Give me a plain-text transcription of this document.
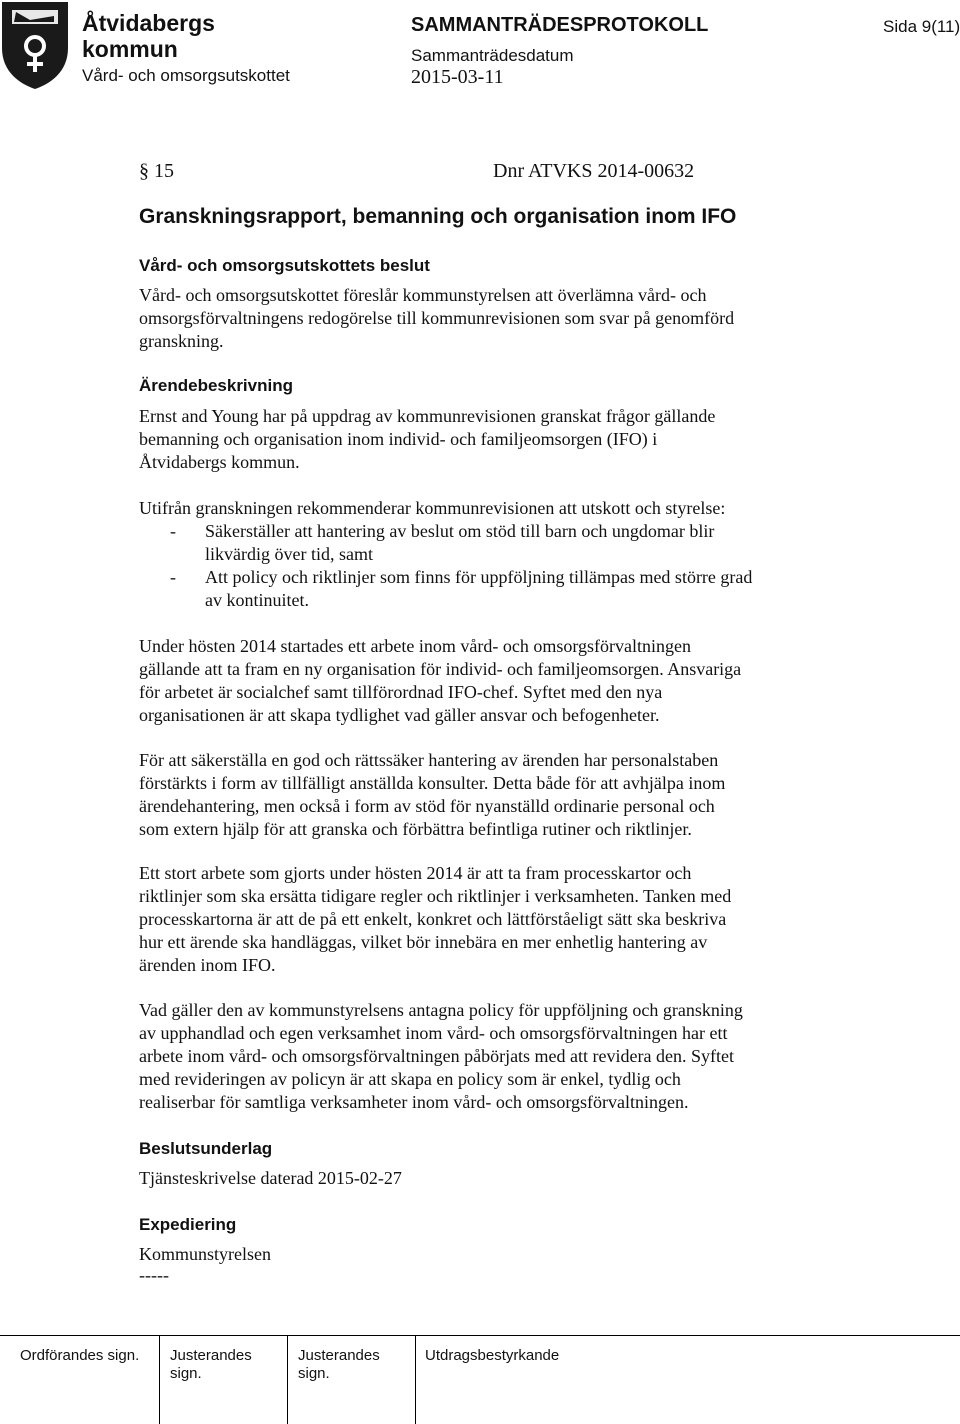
Åtvidabergs
kommun
Vård- och omsorgsutskottet
SAMMANTRÄDESPROTOKOLL
Sammanträdesdatum
2015-03-11
Sida 9(11)
§ 15	Dnr ATVKS 2014-00632
Granskningsrapport, bemanning och organisation inom IFO
Vård- och omsorgsutskottets beslut
Vård- och omsorgsutskottet föreslår kommunstyrelsen att överlämna vård- och
omsorgsförvaltningens redogörelse till kommunrevisionen som svar på genomförd
granskning.
Ärendebeskrivning
Ernst and Young har på uppdrag av kommunrevisionen granskat frågor gällande
bemanning och organisation inom individ- och familjeomsorgen (IFO) i
Åtvidabergs kommun.
Utifrån granskningen rekommenderar kommunrevisionen att utskott och styrelse:
- Säkerställer att hantering av beslut om stöd till barn och ungdomar blir
likvärdig över tid, samt
- Att policy och riktlinjer som finns för uppföljning tillämpas med större grad
av kontinuitet.
Under hösten 2014 startades ett arbete inom vård- och omsorgsförvaltningen
gällande att ta fram en ny organisation för individ- och familjeomsorgen. Ansvariga
för arbetet är socialchef samt tillförordnad IFO-chef. Syftet med den nya
organisationen är att skapa tydlighet vad gäller ansvar och befogenheter.
För att säkerställa en god och rättssäker hantering av ärenden har personalstaben
förstärkts i form av tillfälligt anställda konsulter. Detta både för att avhjälpa inom
ärendehantering, men också i form av stöd för nyanställd ordinarie personal och
som extern hjälp för att granska och förbättra befintliga rutiner och riktlinjer.
Ett stort arbete som gjorts under hösten 2014 är att ta fram processkartor och
riktlinjer som ska ersätta tidigare regler och riktlinjer i verksamheten. Tanken med
processkartorna är att de på ett enkelt, konkret och lättförståeligt sätt ska beskriva
hur ett ärende ska handläggas, vilket bör innebära en mer enhetlig hantering av
ärenden inom IFO.
Vad gäller den av kommunstyrelsens antagna policy för uppföljning och granskning
av upphandlad och egen verksamhet inom vård- och omsorgsförvaltningen har ett
arbete inom vård- och omsorgsförvaltningen påbörjats med att revidera den. Syftet
med revideringen av policyn är att skapa en policy som är enkel, tydlig och
realiserbar för samtliga verksamheter inom vård- och omsorgsförvaltningen.
Beslutsunderlag
Tjänsteskrivelse daterad 2015-02-27
Expediering
Kommunstyrelsen
-----
Ordförandes sign. Justerandes
sign.
Justerandes
sign.
Utdragsbestyrkande
